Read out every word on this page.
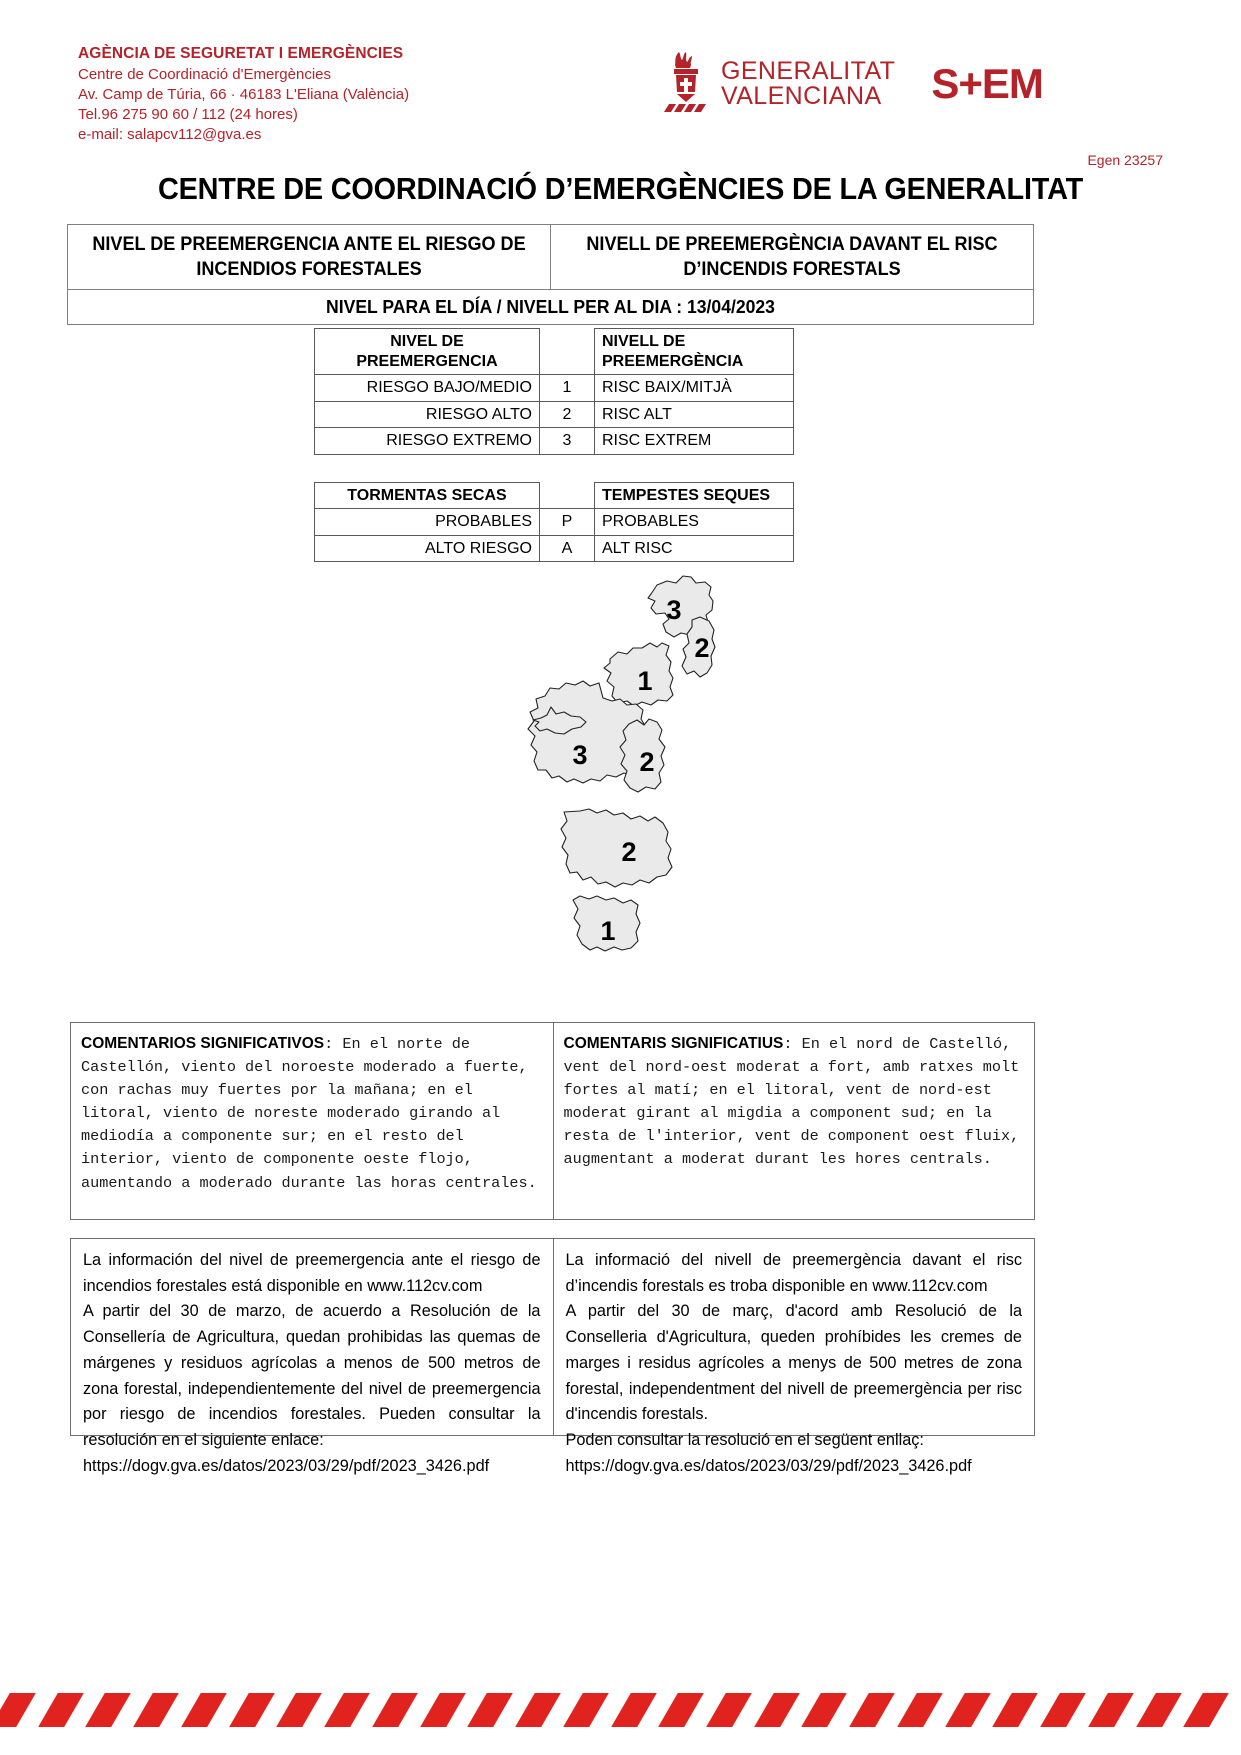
AGÈNCIA DE SEGURETAT I EMERGÈNCIES
Centre de Coordinació d'Emergències
Av. Camp de Túria, 66 · 46183 L'Eliana (València)
Tel.96 275 90 60 / 112 (24 hores)
e-mail: salapcv112@gva.es
GENERALITAT
VALENCIANA	S+EM
Egen 23257
CENTRE DE COORDINACIÓ D’EMERGÈNCIES DE LA GENERALITAT
NIVEL DE PREEMERGENCIA ANTE EL RIESGO DE INCENDIOS FORESTALES

NIVELL DE PREEMERGÈNCIA DAVANT EL RISC D’INCENDIS FORESTALS

NIVEL PARA EL DÍA / NIVELL PER AL DIA : 13/04/2023
NIVEL DE PREEMERGENCIA		NIVELL DE PREEMERGÈNCIA
RIESGO BAJO/MEDIO	1	RISC BAIX/MITJÀ
RIESGO ALTO	2	RISC ALT
RIESGO EXTREMO	3	RISC EXTREM
TORMENTAS SECAS		TEMPESTES SEQUES
PROBABLES	P	PROBABLES
ALTO RIESGO	A	ALT RISC
3
2
1
3 2
2
1
COMENTARIOS SIGNIFICATIVOS: En el norte de Castellón, viento del noroeste moderado a fuerte, con rachas muy fuertes por la mañana; en el litoral, viento de noreste moderado girando al mediodía a componente sur; en el resto del interior, viento de componente oeste flojo, aumentando a moderado durante las horas centrales.
COMENTARIS SIGNIFICATIUS: En el nord de Castelló, vent del nord-oest moderat a fort, amb ratxes molt fortes al matí; en el litoral, vent de nord-est moderat girant al migdia a component sud; en la resta de l'interior, vent de component oest fluix, augmentant a moderat durant les hores centrals.

La información del nivel de preemergencia ante el riesgo de incendios forestales está disponible en www.112cv.com

A partir del 30 de marzo, de acuerdo a Resolución de la Consellería de Agricultura, quedan prohibidas las quemas de márgenes y residuos agrícolas a menos de 500 metros de zona forestal, independientemente del nivel de preemergencia por riesgo de incendios forestales. Pueden consultar la resolución en el siguiente enlace:

https://dogv.gva.es/datos/2023/03/29/pdf/2023_3426.pdf

La informació del nivell de preemergència davant el risc d’incendis forestals es troba disponible en www.112cv.com

A partir del 30 de març, d'acord amb Resolució de la Conselleria d'Agricultura, queden prohíbides les cremes de marges i residus agrícoles a menys de 500 metres de zona forestal, independentment del nivell de preemergència per risc d'incendis forestals.

Poden consultar la resolució en el següent enllaç:

https://dogv.gva.es/datos/2023/03/29/pdf/2023_3426.pdf
